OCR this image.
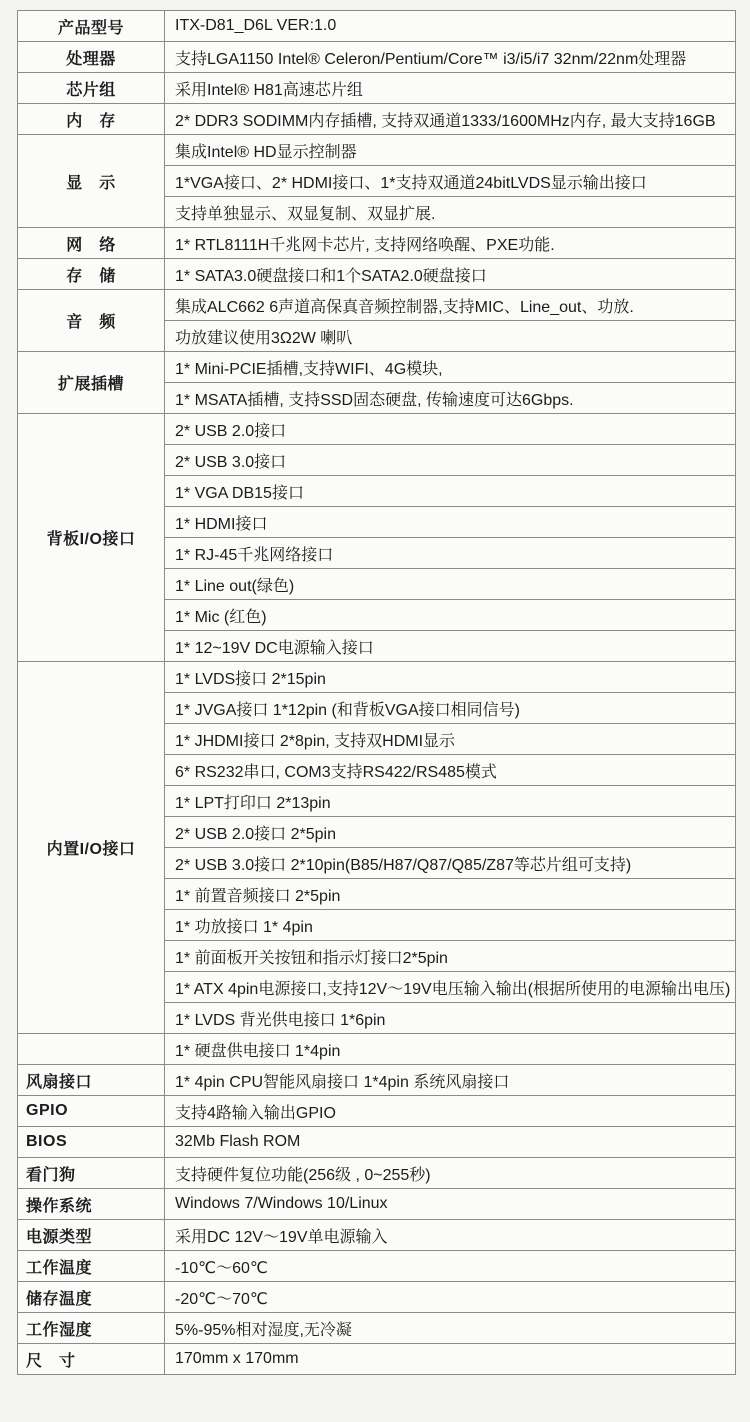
产品型号	ITX-D81_D6L VER:1.0
处理器	支持LGA1150 Intel® Celeron/Pentium/Core™ i3/i5/i7 32nm/22nm处理器
芯片组	采用Intel® H81高速芯片组
内　存	2* DDR3 SODIMM内存插槽, 支持双通道1333/1600MHz内存, 最大支持16GB
显　示	集成Intel® HD显示控制器
	1*VGA接口、2* HDMI接口、1*支持双通道24bitLVDS显示输出接口
	支持单独显示、双显复制、双显扩展.
网　络	1* RTL8111H千兆网卡芯片, 支持网络唤醒、PXE功能.
存　储	1* SATA3.0硬盘接口和1个SATA2.0硬盘接口
音　频	集成ALC662 6声道高保真音频控制器,支持MIC、Line_out、功放.
	功放建议使用3Ω2W 喇叭
扩展插槽	1* Mini-PCIE插槽,支持WIFI、4G模块,
	1* MSATA插槽, 支持SSD固态硬盘, 传输速度可达6Gbps.
背板I/O接口	2* USB 2.0接口
	2* USB 3.0接口
	1* VGA DB15接口
	1* HDMI接口
	1* RJ-45千兆网络接口
	1* Line out(绿色)
	1* Mic (红色)
	1* 12~19V DC电源输入接口
内置I/O接口	1* LVDS接口 2*15pin
	1* JVGA接口 1*12pin (和背板VGA接口相同信号)
	1* JHDMI接口 2*8pin, 支持双HDMI显示
	6* RS232串口, COM3支持RS422/RS485模式
	1* LPT打印口 2*13pin
	2* USB 2.0接口 2*5pin
	2* USB 3.0接口 2*10pin(B85/H87/Q87/Q85/Z87等芯片组可支持)
	1* 前置音频接口 2*5pin
	1* 功放接口 1* 4pin
	1* 前面板开关按钮和指示灯接口2*5pin
	1* ATX 4pin电源接口,支持12V～19V电压输入输出(根据所使用的电源输出电压)
	1* LVDS 背光供电接口 1*6pin
	1* 硬盘供电接口 1*4pin
风扇接口	1* 4pin CPU智能风扇接口 1*4pin 系统风扇接口
GPIO	支持4路输入输出GPIO
BIOS	32Mb Flash ROM
看门狗	支持硬件复位功能(256级 , 0~255秒)
操作系统	Windows 7/Windows 10/Linux
电源类型	采用DC 12V～19V单电源输入
工作温度	-10℃～60℃
储存温度	-20℃～70℃
工作湿度	5%-95%相对湿度,无冷凝
尺　寸	170mm x 170mm
